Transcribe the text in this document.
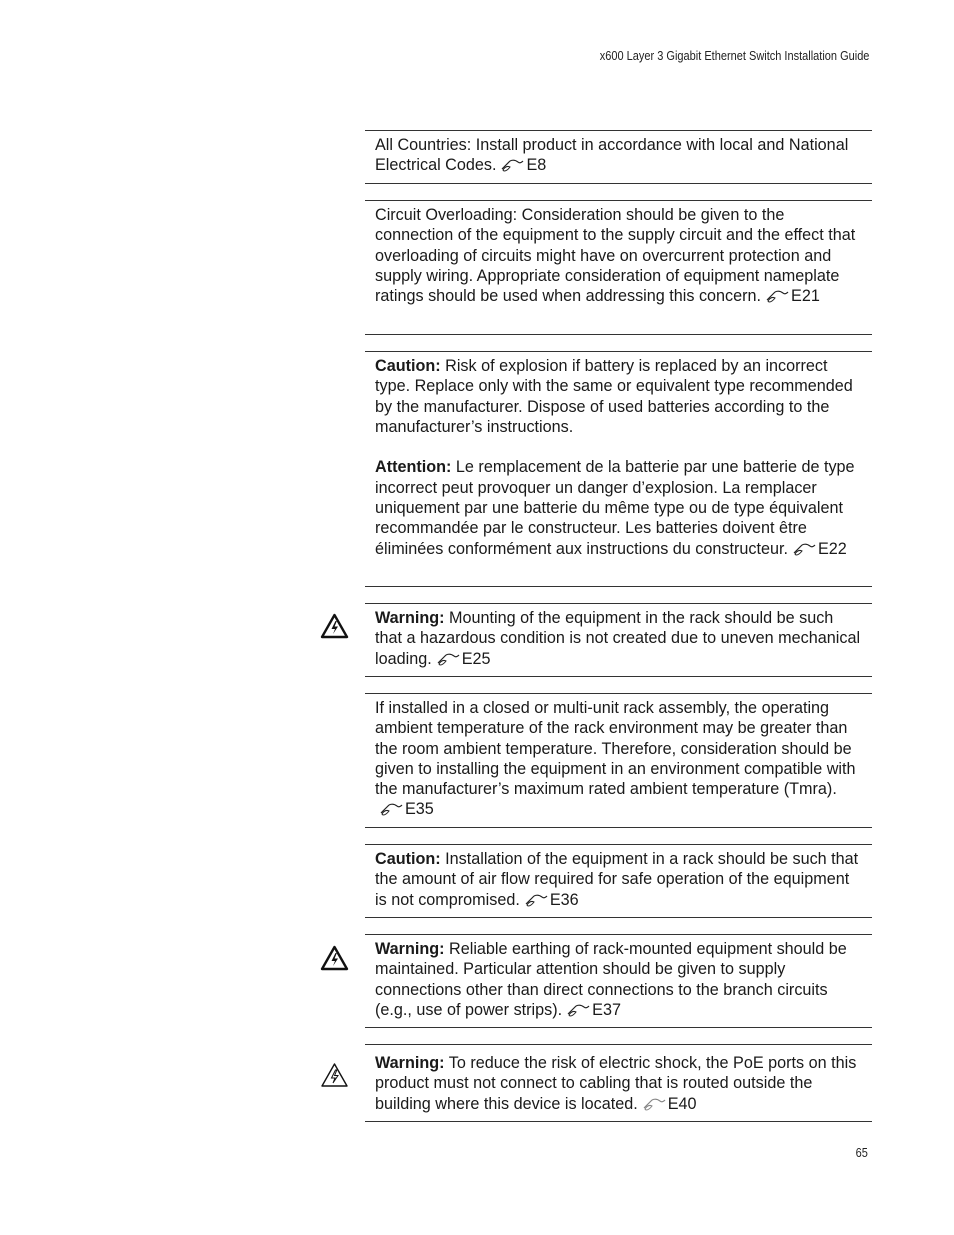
x600 Layer 3 Gigabit Ethernet Switch Installation Guide

All Countries: Install product in accordance with local and National Electrical Codes. E8

Circuit Overloading: Consideration should be given to the connection of the equipment to the supply circuit and the effect that overloading of circuits might have on overcurrent protection and supply wiring. Appropriate consideration of equipment nameplate ratings should be used when addressing this concern. E21

Caution: Risk of explosion if battery is replaced by an incorrect type. Replace only with the same or equivalent type recommended by the manufacturer. Dispose of used batteries according to the manufacturer’s instructions.

Attention: Le remplacement de la batterie par une batterie de type incorrect peut provoquer un danger d’explosion. La remplacer uniquement par une batterie du même type ou de type équivalent recommandée par le constructeur. Les batteries doivent être éliminées conformément aux instructions du constructeur. E22

Warning: Mounting of the equipment in the rack should be such that a hazardous condition is not created due to uneven mechanical loading. E25

If installed in a closed or multi-unit rack assembly, the operating ambient temperature of the rack environment may be greater than the room ambient temperature. Therefore, consideration should be given to installing the equipment in an environment compatible with the manufacturer’s maximum rated ambient temperature (Tmra).E35

Caution: Installation of the equipment in a rack should be such that the amount of air flow required for safe operation of the equipment is not compromised. E36

Warning: Reliable earthing of rack-mounted equipment should be maintained. Particular attention should be given to supply connections other than direct connections to the branch circuits (e.g., use of power strips). E37

Warning: To reduce the risk of electric shock, the PoE ports on this product must not connect to cabling that is routed outside the building where this device is located. E40

65
